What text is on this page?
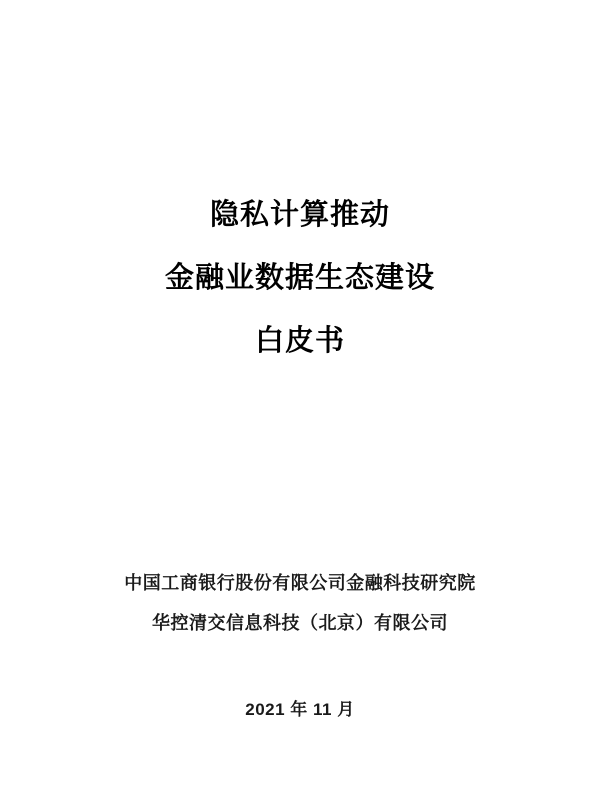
隐私计算推动
金融业数据生态建设
白皮书
中国工商银行股份有限公司金融科技研究院
华控清交信息科技（北京）有限公司
2021 年 11 月
